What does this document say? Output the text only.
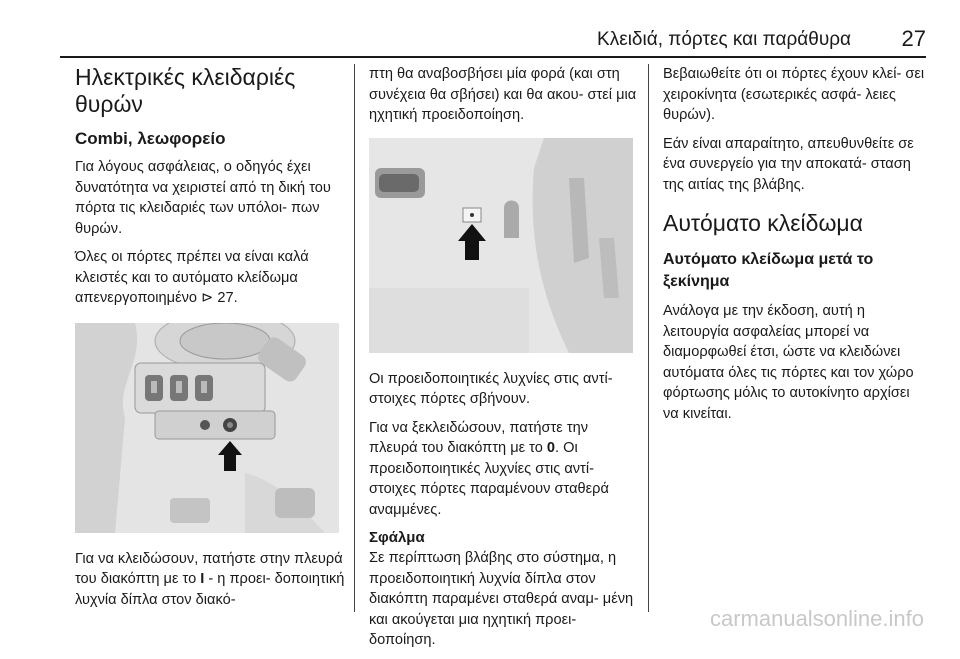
Κλειδιά, πόρτες και παράθυρα 27
Ηλεκτρικές κλειδαριές θυρών
Combi, λεωφορείο

Για λόγους ασφάλειας, ο οδηγός έχει δυνατότητα να χειριστεί από τη δική του πόρτα τις κλειδαριές των υπόλοι- πων θυρών.

Όλες οι πόρτες πρέπει να είναι καλά κλειστές και το αυτόματο κλείδωμα απενεργοποιημένο ⊳ 27.

Για να κλειδώσουν, πατήστε στην πλευρά του διακόπτη με το I - η προει- δοποιητική λυχνία δίπλα στον διακό-

πτη θα αναβοσβήσει μία φορά (και στη συνέχεια θα σβήσει) και θα ακου- στεί μια ηχητική προειδοποίηση.

Οι προειδοποιητικές λυχνίες στις αντί- στοιχες πόρτες σβήνουν.

Για να ξεκλειδώσουν, πατήστε την πλευρά του διακόπτη με το 0. Οι προειδοποιητικές λυχνίες στις αντί- στοιχες πόρτες παραμένουν σταθερά αναμμένες.

Σφάλμα

Σε περίπτωση βλάβης στο σύστημα, η προειδοποιητική λυχνία δίπλα στον διακόπτη παραμένει σταθερά αναμ- μένη και ακούγεται μια ηχητική προει- δοποίηση.

Βεβαιωθείτε ότι οι πόρτες έχουν κλεί- σει χειροκίνητα (εσωτερικές ασφά- λειες θυρών).

Εάν είναι απαραίτητο, απευθυνθείτε σε ένα συνεργείο για την αποκατά- σταση της αιτίας της βλάβης.

Αυτόματο κλείδωμα
Αυτόματο κλείδωμα μετά το ξεκίνημα

Ανάλογα με την έκδοση, αυτή η λειτουργία ασφαλείας μπορεί να διαμορφωθεί έτσι, ώστε να κλειδώνει αυτόματα όλες τις πόρτες και τον χώρο φόρτωσης μόλις το αυτοκίνητο αρχίσει να κινείται.

carmanualsonline.info
